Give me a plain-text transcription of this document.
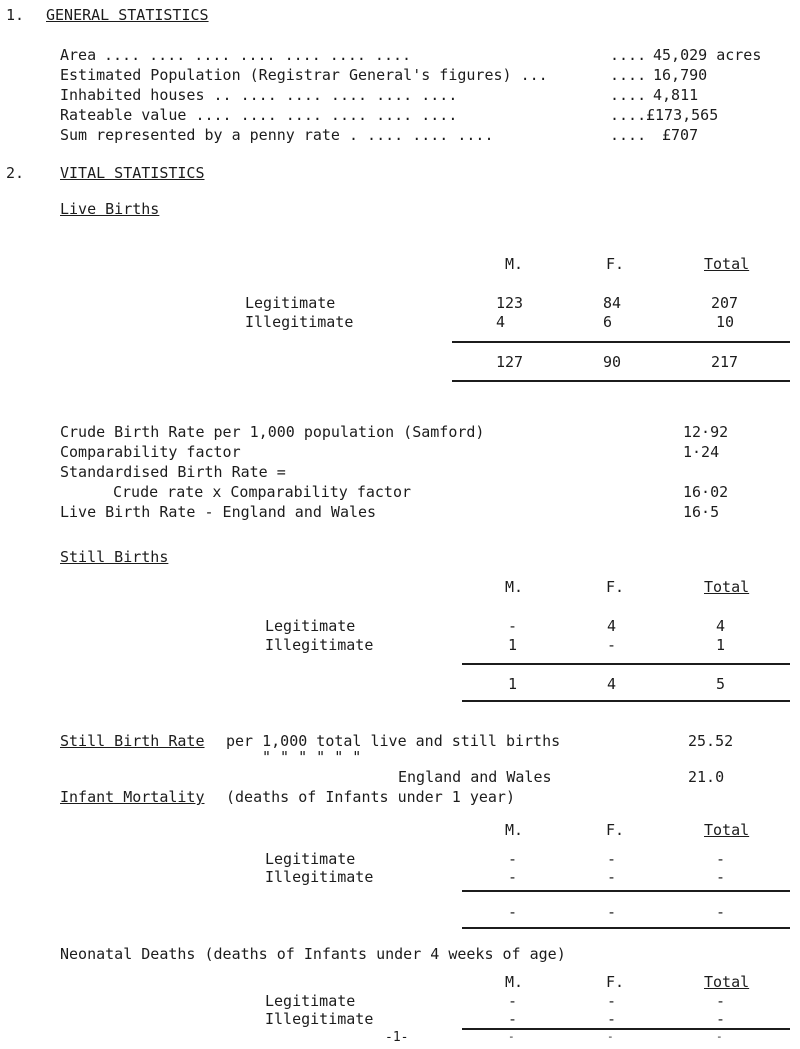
1. GENERAL STATISTICS
Area .... .... .... .... .... .... ....	.... 45,029 acres
Estimated Population (Registrar General's figures) ...	.... 16,790
Inhabited houses .. .... .... .... .... ....	.... 4,811
Rateable value .... .... .... .... .... ....	.... £173,565
Sum represented by a penny rate . .... .... ....	.... £707
2. VITAL STATISTICS
Live Births
M.	F.	Total
Legitimate	123	84	207
Illegitimate	4	6	10
127	90	217
Crude Birth Rate per 1,000 population (Samford)	12·92
Comparability factor	1·24
Standardised Birth Rate =
Crude rate x Comparability factor	16·02
Live Birth Rate - England and Wales	16·5
Still Births
M.	F.	Total
Legitimate	-	4	4
Illegitimate	1	-	1
1	4	5
Still Birth Rate per 1,000 total live and still births	25.52
" " " " " "
England and Wales	21.0
Infant Mortality (deaths of Infants under 1 year)
M.	F.	Total
Legitimate	-	-	-
Illegitimate	-	-	-
-	-	-
Neonatal Deaths (deaths of Infants under 4 weeks of age)
M.	F.	Total
Legitimate	-	-	-
Illegitimate	-	-	-
-	-	-
-1-
